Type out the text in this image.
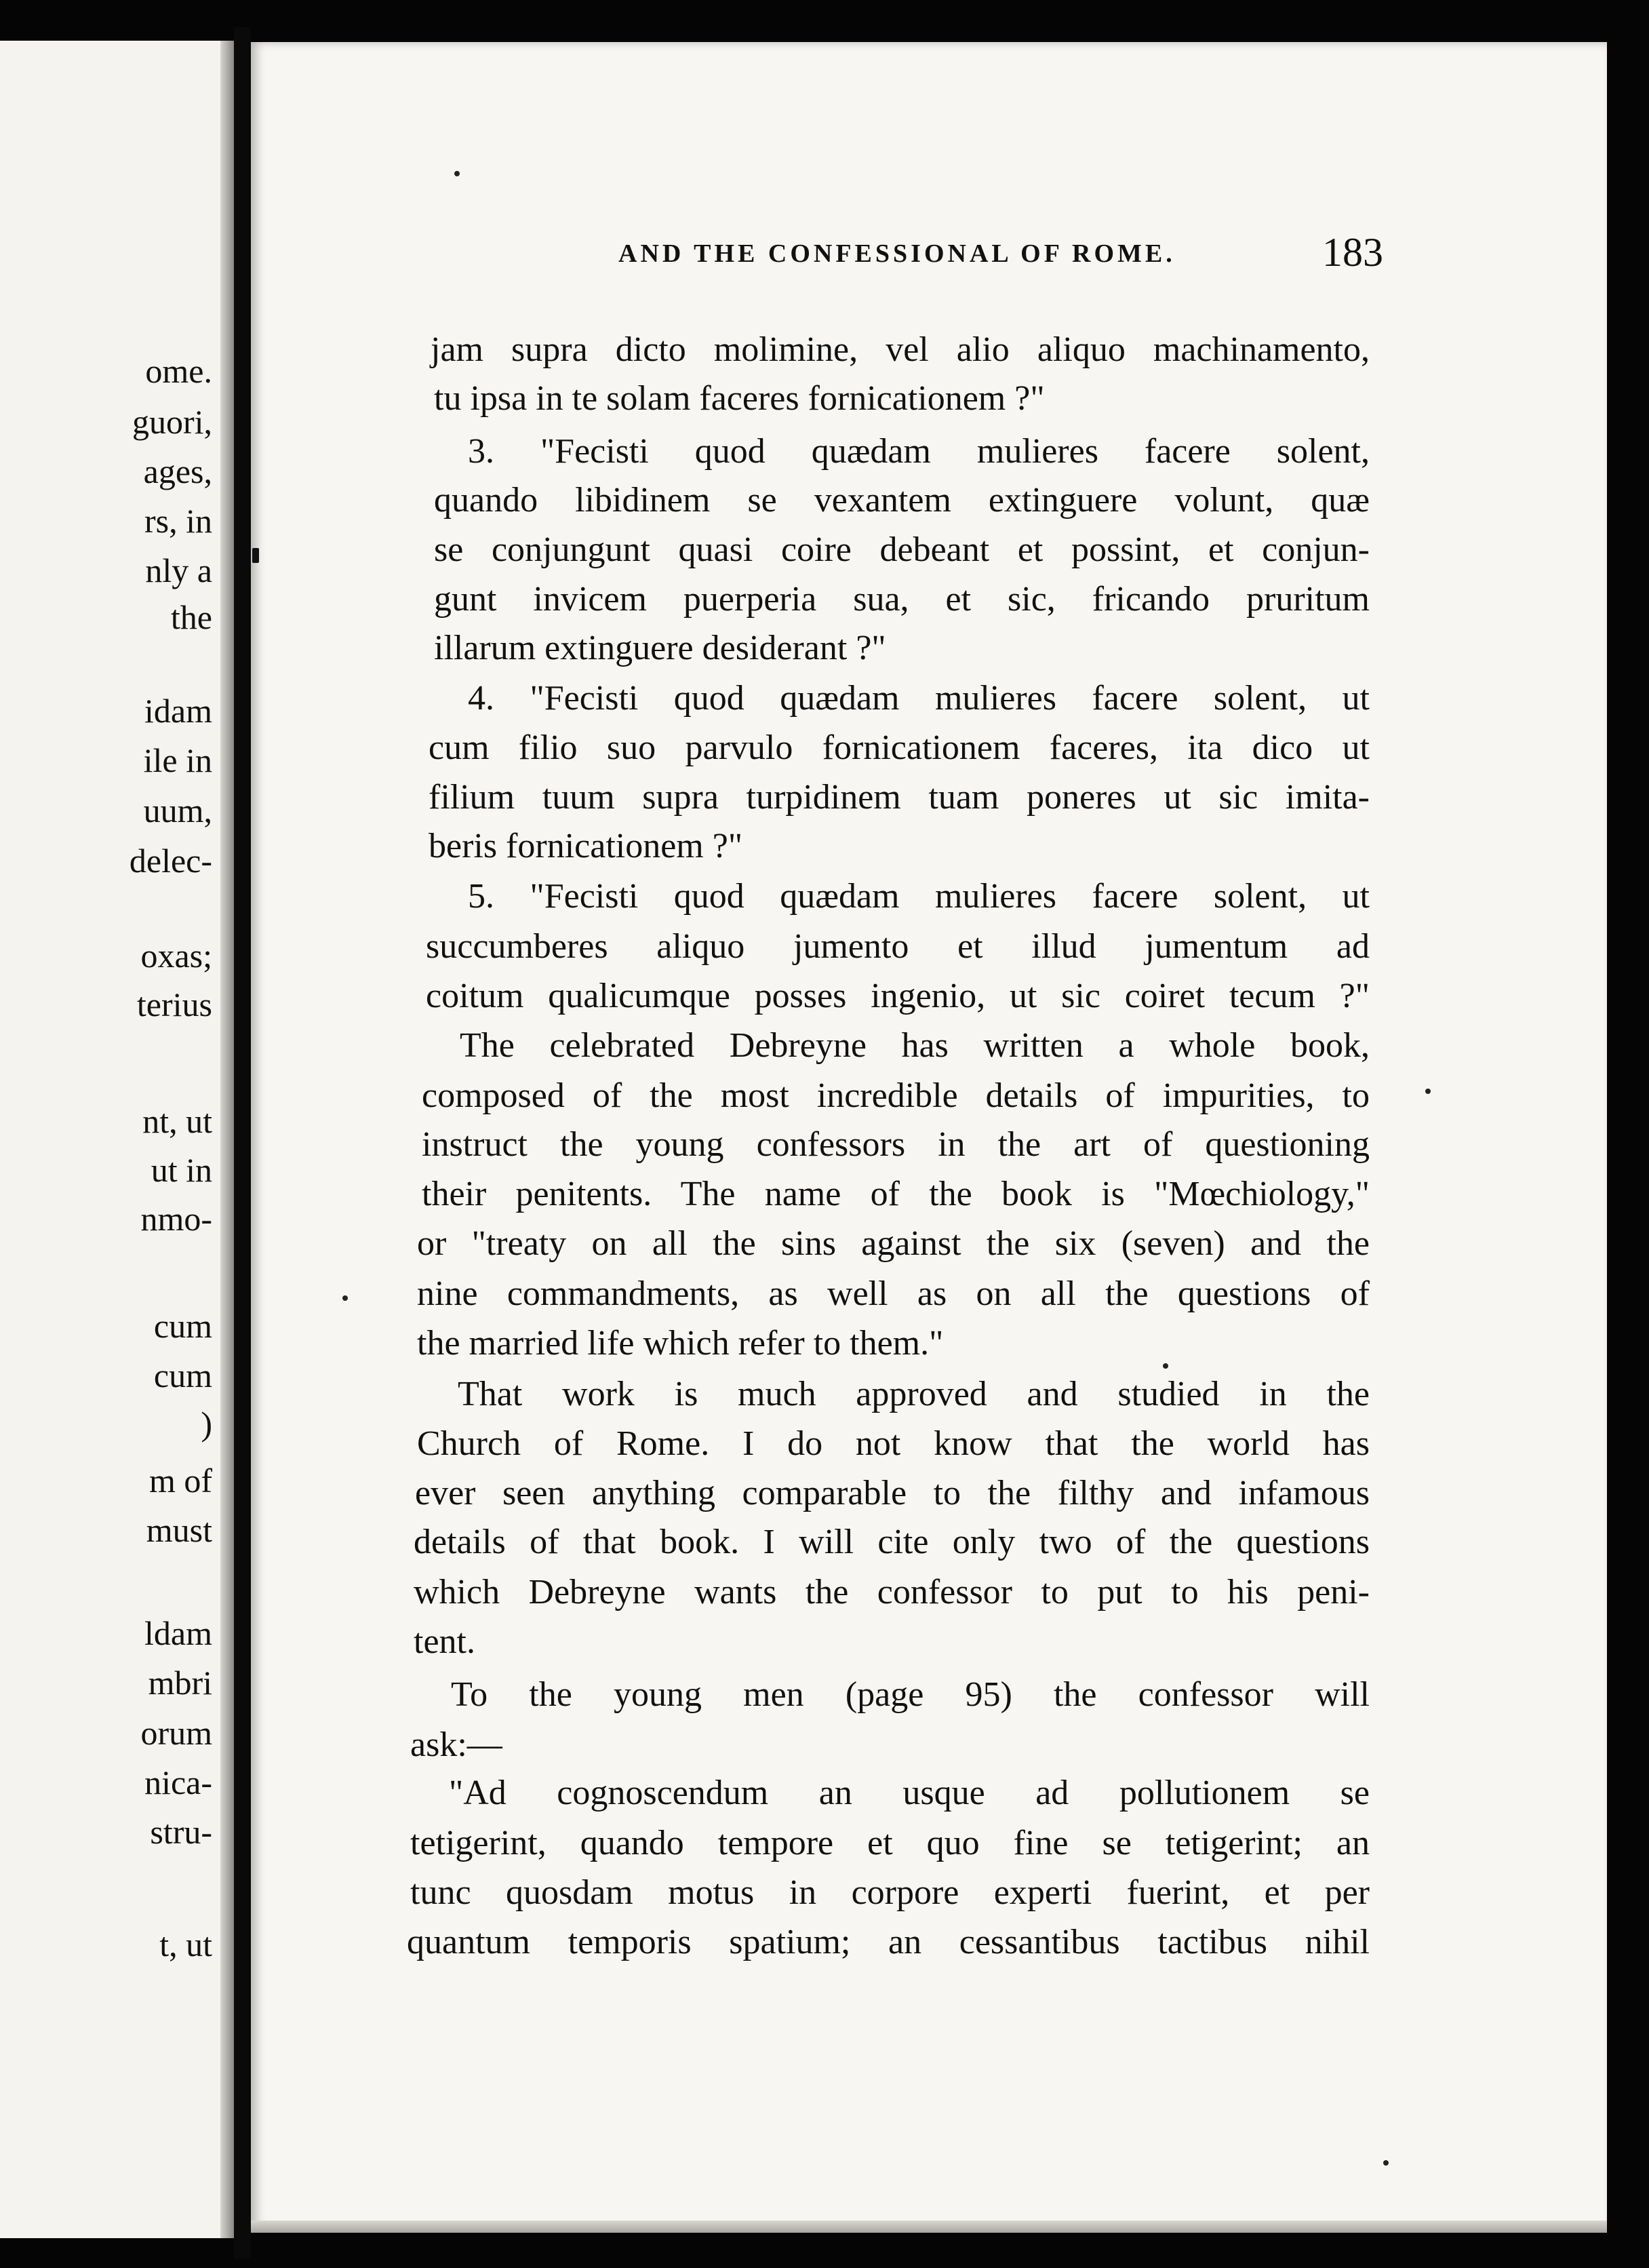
ome.
guori,
ages,
rs, in
nly a
the
idam
ile in
uum,
delec-
oxas;
terius
nt, ut
ut in
nmo-
cum
cum
)
m of
must
ldam
mbri
orum
nica-
stru-
t, ut
AND THE CONFESSIONAL OF ROME.	183

jam supra dicto molimine, vel alio aliquo machinamento,

tu ipsa in te solam faceres fornicationem ?"

3. "Fecisti quod quædam mulieres facere solent,

quando libidinem se vexantem extinguere volunt, quæ

se conjungunt quasi coire debeant et possint, et conjun-

gunt invicem puerperia sua, et sic, fricando pruritum

illarum extinguere desiderant ?"

4. "Fecisti quod quædam mulieres facere solent, ut

cum filio suo parvulo fornicationem faceres, ita dico ut

filium tuum supra turpidinem tuam poneres ut sic imita-

beris fornicationem ?"

5. "Fecisti quod quædam mulieres facere solent, ut

succumberes aliquo jumento et illud jumentum ad

coitum qualicumque posses ingenio, ut sic coiret tecum ?"

The celebrated Debreyne has written a whole book,

composed of the most incredible details of impurities, to

instruct the young confessors in the art of questioning

their penitents. The name of the book is "Mœchiology,"

or "treaty on all the sins against the six (seven) and the

nine commandments, as well as on all the questions of

the married life which refer to them."

That work is much approved and studied in the

Church of Rome. I do not know that the world has

ever seen anything comparable to the filthy and infamous

details of that book. I will cite only two of the questions

which Debreyne wants the confessor to put to his peni-

tent.

To the young men (page 95) the confessor will

ask:—

"Ad cognoscendum an usque ad pollutionem se

tetigerint, quando tempore et quo fine se tetigerint; an

tunc quosdam motus in corpore experti fuerint, et per

quantum temporis spatium; an cessantibus tactibus nihil
